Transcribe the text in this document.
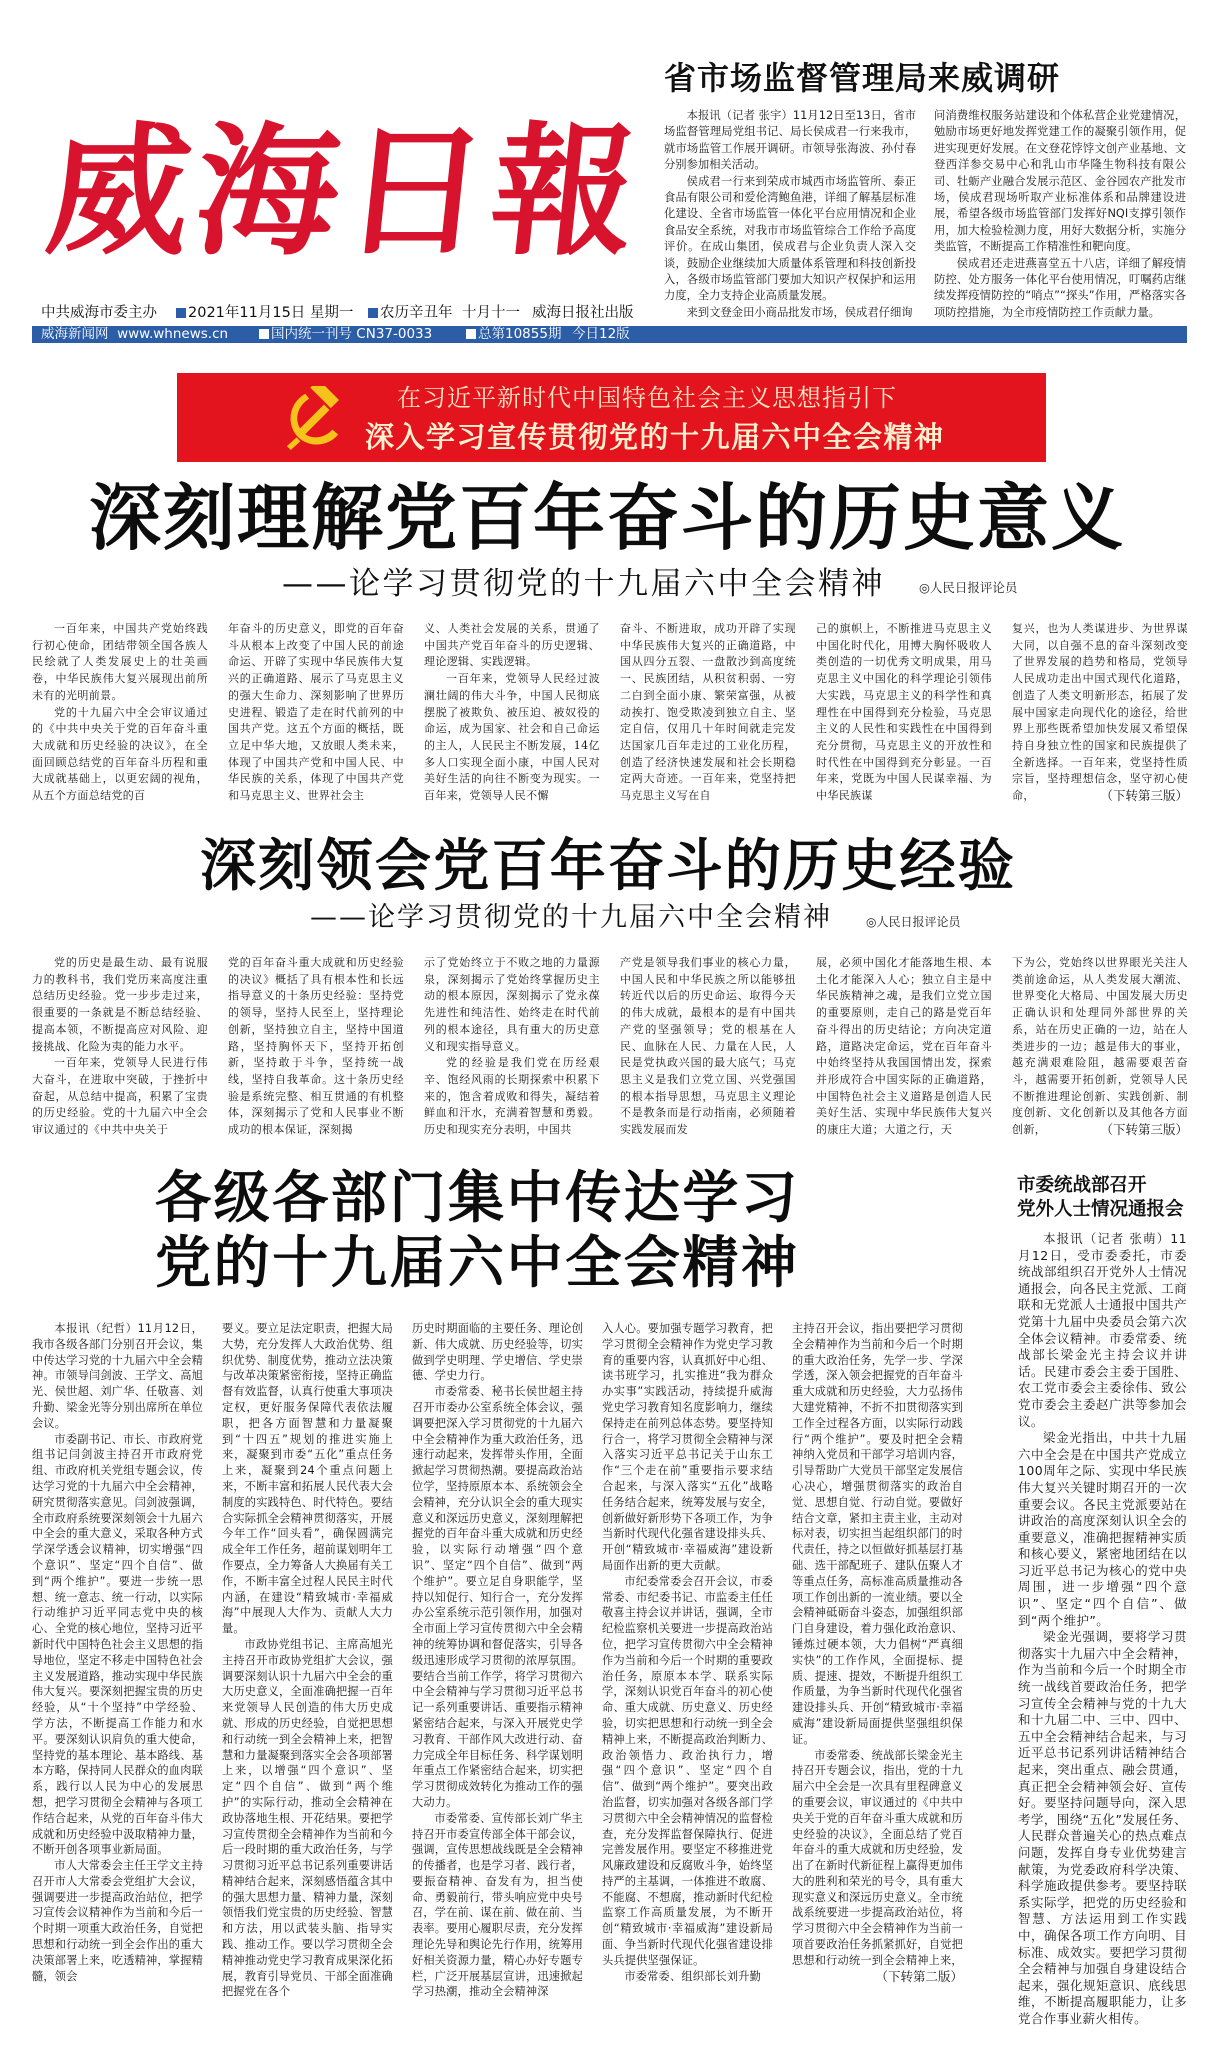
威海日報
中共威海市委主办	2021年11月15日 星期一	农历辛丑年 十月十一 威海日报社出版
威海新闻网 www.whnews.cn	国内统一刊号 CN37-0033	总第10855期 今日12版
省市场监督管理局来威调研

本报讯（记者 张宇）11月12日至13日，省市场监督管理局党组书记、局长侯成君一行来我市，就市场监管工作展开调研。市领导张海波、孙付春分别参加相关活动。

侯成君一行来到荣成市城西市场监管所、泰正食品有限公司和爱伦湾鲍鱼港，详细了解基层标准化建设、全省市场监管一体化平台应用情况和企业食品安全系统，对我市市场监管综合工作给予高度评价。在成山集团，侯成君与企业负责人深入交谈，鼓励企业继续加大质量体系管理和科技创新投入，各级市场监管部门要加大知识产权保护和运用力度，全力支持企业高质量发展。

来到文登金田小商品批发市场，侯成君仔细询

问消费维权服务站建设和个体私营企业党建情况，勉励市场更好地发挥党建工作的凝聚引领作用，促进实现更好发展。在文登花饽饽文创产业基地、文登西洋参交易中心和乳山市华隆生物科技有限公司、牡蛎产业融合发展示范区、金谷园农产批发市场，侯成君现场听取产业标准体系和品牌建设进展，希望各级市场监管部门发挥好NQI支撑引领作用，加大检验检测力度，用好大数据分析，实施分类监管，不断提高工作精准性和靶向度。

侯成君还走进燕喜堂五十八店，详细了解疫情防控、处方服务一体化平台使用情况，叮嘱药店继续发挥疫情防控的“哨点”“探头”作用，严格落实各项防控措施，为全市疫情防控工作贡献力量。

在习近平新时代中国特色社会主义思想指引下
深入学习宣传贯彻党的十九届六中全会精神
深刻理解党百年奋斗的历史意义
——论学习贯彻党的十九届六中全会精神	◎人民日报评论员

一百年来，中国共产党始终践行初心使命，团结带领全国各族人民绘就了人类发展史上的壮美画卷，中华民族伟大复兴展现出前所未有的光明前景。

党的十九届六中全会审议通过的《中共中央关于党的百年奋斗重大成就和历史经验的决议》，在全面回顾总结党的百年奋斗历程和重大成就基础上，以更宏阔的视角，从五个方面总结党的百

年奋斗的历史意义，即党的百年奋斗从根本上改变了中国人民的前途命运、开辟了实现中华民族伟大复兴的正确道路、展示了马克思主义的强大生命力、深刻影响了世界历史进程、锻造了走在时代前列的中国共产党。这五个方面的概括，既立足中华大地，又放眼人类未来，体现了中国共产党和中国人民、中华民族的关系，体现了中国共产党和马克思主义、世界社会主

义、人类社会发展的关系，贯通了中国共产党百年奋斗的历史逻辑、理论逻辑、实践逻辑。

一百年来，党领导人民经过波澜壮阔的伟大斗争，中国人民彻底摆脱了被欺负、被压迫、被奴役的命运，成为国家、社会和自己命运的主人，人民民主不断发展，14亿多人口实现全面小康，中国人民对美好生活的向往不断变为现实。一百年来，党领导人民不懈

奋斗、不断进取，成功开辟了实现中华民族伟大复兴的正确道路，中国从四分五裂、一盘散沙到高度统一、民族团结，从积贫积弱、一穷二白到全面小康、繁荣富强，从被动挨打、饱受欺凌到独立自主、坚定自信，仅用几十年时间就走完发达国家几百年走过的工业化历程，创造了经济快速发展和社会长期稳定两大奇迹。一百年来，党坚持把马克思主义写在自

己的旗帜上，不断推进马克思主义中国化时代化，用博大胸怀吸收人类创造的一切优秀文明成果，用马克思主义中国化的科学理论引领伟大实践，马克思主义的科学性和真理性在中国得到充分检验，马克思主义的人民性和实践性在中国得到充分贯彻，马克思主义的开放性和时代性在中国得到充分彰显。一百年来，党既为中国人民谋幸福、为中华民族谋

复兴，也为人类谋进步、为世界谋大同，以自强不息的奋斗深刻改变了世界发展的趋势和格局，党领导人民成功走出中国式现代化道路，创造了人类文明新形态，拓展了发展中国家走向现代化的途径，给世界上那些既希望加快发展又希望保持自身独立性的国家和民族提供了全新选择。一百年来，党坚持性质宗旨，坚持理想信念，坚守初心使命，	（下转第三版）

深刻领会党百年奋斗的历史经验
——论学习贯彻党的十九届六中全会精神	◎人民日报评论员

党的历史是最生动、最有说服力的教科书，我们党历来高度注重总结历史经验。党一步步走过来，很重要的一条就是不断总结经验、提高本领，不断提高应对风险、迎接挑战、化险为夷的能力水平。

一百年来，党领导人民进行伟大奋斗，在进取中突破，于挫折中奋起，从总结中提高，积累了宝贵的历史经验。党的十九届六中全会审议通过的《中共中央关于

党的百年奋斗重大成就和历史经验的决议》概括了具有根本性和长远指导意义的十条历史经验：坚持党的领导，坚持人民至上，坚持理论创新，坚持独立自主，坚持中国道路，坚持胸怀天下，坚持开拓创新，坚持敢于斗争，坚持统一战线，坚持自我革命。这十条历史经验是系统完整、相互贯通的有机整体，深刻揭示了党和人民事业不断成功的根本保证，深刻揭

示了党始终立于不败之地的力量源泉，深刻揭示了党始终掌握历史主动的根本原因，深刻揭示了党永葆先进性和纯洁性、始终走在时代前列的根本途径，具有重大的历史意义和现实指导意义。

党的经验是我们党在历经艰辛、饱经风雨的长期探索中积累下来的，饱含着成败和得失，凝结着鲜血和汗水，充满着智慧和勇毅。历史和现实充分表明，中国共

产党是领导我们事业的核心力量，中国人民和中华民族之所以能够扭转近代以后的历史命运、取得今天的伟大成就，最根本的是有中国共产党的坚强领导；党的根基在人民、血脉在人民、力量在人民，人民是党执政兴国的最大底气；马克思主义是我们立党立国、兴党强国的根本指导思想，马克思主义理论不是教条而是行动指南，必须随着实践发展而发

展，必须中国化才能落地生根、本土化才能深入人心；独立自主是中华民族精神之魂，是我们立党立国的重要原则，走自己的路是党百年奋斗得出的历史结论；方向决定道路，道路决定命运，党在百年奋斗中始终坚持从我国国情出发，探索并形成符合中国实际的正确道路，中国特色社会主义道路是创造人民美好生活、实现中华民族伟大复兴的康庄大道；大道之行，天

下为公，党始终以世界眼光关注人类前途命运，从人类发展大潮流、世界变化大格局、中国发展大历史正确认识和处理同外部世界的关系，站在历史正确的一边，站在人类进步的一边；越是伟大的事业，越充满艰难险阻，越需要艰苦奋斗，越需要开拓创新，党领导人民不断推进理论创新、实践创新、制度创新、文化创新以及其他各方面创新，	（下转第三版）

各级各部门集中传达学习
党的十九届六中全会精神

本报讯（纪哲）11月12日，我市各级各部门分别召开会议，集中传达学习党的十九届六中全会精神。市领导闫剑波、王学文、高旭光、侯世超、刘广华、任敬喜、刘升勤、梁金光等分别出席所在单位会议。

市委副书记、市长、市政府党组书记闫剑波主持召开市政府党组、市政府机关党组专题会议，传达学习党的十九届六中全会精神，研究贯彻落实意见。闫剑波强调，全市政府系统要深刻领会十九届六中全会的重大意义，采取各种方式学深学透会议精神，切实增强“四个意识”、坚定“四个自信”、做到“两个维护”。要进一步统一思想、统一意志、统一行动，以实际行动维护习近平同志党中央的核心、全党的核心地位，坚持习近平新时代中国特色社会主义思想的指导地位，坚定不移走中国特色社会主义发展道路，推动实现中华民族伟大复兴。要深刻把握宝贵的历史经验，从“十个坚持”中学经验、学方法，不断提高工作能力和水平。要深刻认识肩负的重大使命，坚持党的基本理论、基本路线、基本方略，保持同人民群众的血肉联系，践行以人民为中心的发展思想，把学习贯彻全会精神与各项工作结合起来，从党的百年奋斗伟大成就和历史经验中汲取精神力量，不断开创各项事业新局面。

市人大常委会主任王学文主持召开市人大常委会党组扩大会议，强调要进一步提高政治站位，把学习宣传会议精神作为当前和今后一个时期一项重大政治任务，自觉把思想和行动统一到全会作出的重大决策部署上来，吃透精神，掌握精髓，领会

要义。要立足法定职责，把握大局大势，充分发挥人大政治优势、组织优势、制度优势，推动立法决策与改革决策紧密衔接，坚持正确监督有效监督，认真行使重大事项决定权，更好服务保障代表依法履职，把各方面智慧和力量凝聚到“十四五”规划的推进实施上来，凝聚到市委“五化”重点任务上来，凝聚到24个重点问题上来，不断丰富和拓展人民代表大会制度的实践特色、时代特色。要结合实际抓全会精神贯彻落实，开展今年工作“回头看”，确保圆满完成全年工作任务，超前谋划明年工作要点，全力筹备人大换届有关工作，不断丰富全过程人民民主时代内涵，在建设“精致城市·幸福威海”中展现人大作为、贡献人大力量。

市政协党组书记、主席高旭光主持召开市政协党组扩大会议，强调要深刻认识十九届六中全会的重大历史意义，全面准确把握一百年来党领导人民创造的伟大历史成就、形成的历史经验，自觉把思想和行动统一到全会精神上来，把智慧和力量凝聚到落实全会各项部署上来，以增强“四个意识”、坚定“四个自信”、做到“两个维护”的实际行动，推动全会精神在政协落地生根、开花结果。要把学习宣传贯彻全会精神作为当前和今后一段时期的重大政治任务，与学习贯彻习近平总书记系列重要讲话精神结合起来，深刻感悟蕴含其中的强大思想力量、精神力量，深刻领悟我们党宝贵的历史经验、智慧和方法，用以武装头脑、指导实践、推动工作。要以学习贯彻全会精神推动党史学习教育成果深化拓展，教育引导党员、干部全面准确把握党在各个

历史时期面临的主要任务、理论创新、伟大成就、历史经验等，切实做到学史明理、学史增信、学史崇德、学史力行。

市委常委、秘书长侯世超主持召开市委办公室系统全体会议，强调要把深入学习贯彻党的十九届六中全会精神作为重大政治任务，迅速行动起来，发挥带头作用，全面掀起学习贯彻热潮。要提高政治站位学，坚持原原本本、系统领会全会精神，充分认识全会的重大现实意义和深远历史意义，深刻理解把握党的百年奋斗重大成就和历史经验，以实际行动增强“四个意识”、坚定“四个自信”、做到“两个维护”。要立足自身职能学，坚持以知促行、知行合一，充分发挥办公室系统示范引领作用，加强对全市面上学习宣传贯彻六中全会精神的统筹协调和督促落实，引导各级迅速形成学习贯彻的浓厚氛围。要结合当前工作学，将学习贯彻六中全会精神与学习贯彻习近平总书记一系列重要讲话、重要指示精神紧密结合起来，与深入开展党史学习教育、干部作风大改进行动、奋力完成全年目标任务、科学谋划明年重点工作紧密结合起来，切实把学习贯彻成效转化为推动工作的强大动力。

市委常委、宣传部长刘广华主持召开市委宣传部全体干部会议，强调，宣传思想战线既是全会精神的传播者，也是学习者、践行者，要振奋精神、奋发有为，担当使命、勇毅前行，带头响应党中央号召，学在前、谋在前、做在前、当表率。要用心履职尽责，充分发挥理论先导和舆论先行作用，统筹用好相关资源力量，精心办好专题专栏，广泛开展基层宣讲，迅速掀起学习热潮，推动全会精神深

入人心。要加强专题学习教育，把学习贯彻全会精神作为党史学习教育的重要内容，认真抓好中心组、读书班学习，扎实推进“我为群众办实事”实践活动，持续提升威海党史学习教育知名度影响力，继续保持走在前列总体态势。要坚持知行合一，将学习贯彻全会精神与深入落实习近平总书记关于山东工作“三个走在前”重要指示要求结合起来，与深入落实“五化”战略任务结合起来，统筹发展与安全，创新做好新形势下各项工作，为争当新时代现代化强省建设排头兵、开创“精致城市·幸福威海”建设新局面作出新的更大贡献。

市纪委常委会召开会议，市委常委、市纪委书记、市监委主任任敬喜主持会议并讲话，强调，全市纪检监察机关要进一步提高政治站位，把学习宣传贯彻六中全会精神作为当前和今后一个时期的重要政治任务，原原本本学、联系实际学，深刻认识党百年奋斗的初心使命、重大成就、历史意义、历史经验，切实把思想和行动统一到全会精神上来，不断提高政治判断力、政治领悟力、政治执行力，增强“四个意识”、坚定“四个自信”、做到“两个维护”。要突出政治监督，切实加强对各级各部门学习贯彻六中全会精神情况的监督检查，充分发挥监督保障执行、促进完善发展作用。要坚定不移推进党风廉政建设和反腐败斗争，始终坚持严的主基调，一体推进不敢腐、不能腐、不想腐，推动新时代纪检监察工作高质量发展，为不断开创“精致城市·幸福威海”建设新局面、争当新时代现代化强省建设排头兵提供坚强保证。

市委常委、组织部长刘升勤

主持召开会议，指出要把学习贯彻全会精神作为当前和今后一个时期的重大政治任务，先学一步、学深学透，深入领会把握党的百年奋斗重大成就和历史经验，大力弘扬伟大建党精神，不折不扣贯彻落实到工作全过程各方面，以实际行动践行“两个维护”。要及时把全会精神纳入党员和干部学习培训内容，引导帮助广大党员干部坚定发展信心决心，增强贯彻落实的政治自觉、思想自觉、行动自觉。要做好结合文章，紧扣主责主业，主动对标对表，切实担当起组织部门的时代责任，持之以恒做好抓基层打基础、选干部配班子、建队伍聚人才等重点任务，高标准高质量推动各项工作创出新的一流业绩。要以全会精神砥砺奋斗姿态，加强组织部门自身建设，着力强化政治意识、锤炼过硬本领，大力倡树“严真细实快”的工作作风，全面提标、提质、提速、提效，不断提升组织工作质量，为争当新时代现代化强省建设排头兵、开创“精致城市·幸福威海”建设新局面提供坚强组织保证。

市委常委、统战部长梁金光主持召开专题会议，指出，党的十九届六中全会是一次具有里程碑意义的重要会议，审议通过的《中共中央关于党的百年奋斗重大成就和历史经验的决议》，全面总结了党百年奋斗的重大成就和历史经验，发出了在新时代新征程上赢得更加伟大的胜利和荣光的号令，具有重大现实意义和深远历史意义。全市统战系统要进一步提高政治站位，将学习贯彻六中全会精神作为当前一项首要政治任务抓紧抓好，自觉把思想和行动统一到全会精神上来，
（下转第二版）

市委统战部召开
党外人士情况通报会

本报讯（记者 张萌）11月12日，受市委委托，市委统战部组织召开党外人士情况通报会，向各民主党派、工商联和无党派人士通报中国共产党第十九届中央委员会第六次全体会议精神。市委常委、统战部长梁金光主持会议并讲话。民建市委会主委于国胜、农工党市委会主委徐伟、致公党市委会主委赵广洪等参加会议。

梁金光指出，中共十九届六中全会是在中国共产党成立100周年之际、实现中华民族伟大复兴关键时期召开的一次重要会议。各民主党派要站在讲政治的高度深刻认识全会的重要意义，准确把握精神实质和核心要义，紧密地团结在以习近平总书记为核心的党中央周围，进一步增强“四个意识”、坚定“四个自信”、做到“两个维护”。

梁金光强调，要将学习贯彻落实十九届六中全会精神，作为当前和今后一个时期全市统一战线首要政治任务，把学习宣传全会精神与党的十九大和十九届二中、三中、四中、五中全会精神结合起来，与习近平总书记系列讲话精神结合起来，突出重点、融会贯通，真正把全会精神领会好、宣传好。要坚持问题导向，深入思考学，围绕“五化”发展任务、人民群众普遍关心的热点难点问题，发挥自身专业优势建言献策，为党委政府科学决策、科学施政提供参考。要坚持联系实际学，把党的历史经验和智慧、方法运用到工作实践中，确保各项工作方向明、目标准、成效实。要把学习贯彻全会精神与加强自身建设结合起来，强化规矩意识、底线思维，不断提高履职能力，让多党合作事业薪火相传。
